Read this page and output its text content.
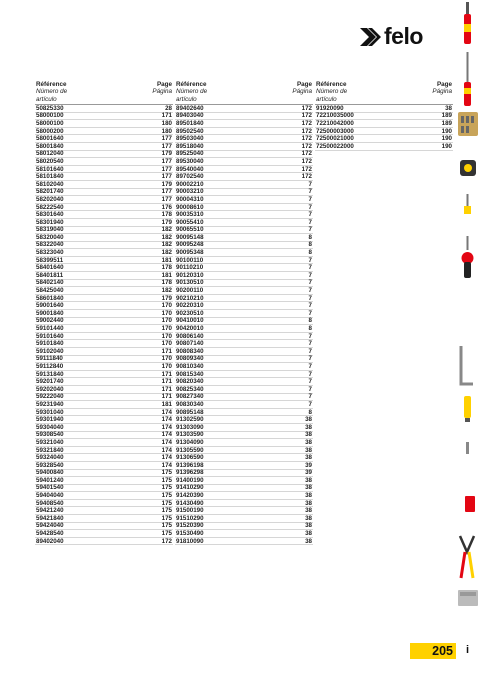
felo
Référence
Número de artículo
Page
Página
50825330	28
58000100	171
58000100	180
58000200	180
58001640	177
58001840	177
58012040	179
58020540	177
58101640	177
58101840	177
58102040	179
58201740	177
58202040	177
58222540	176
58301640	178
58301940	179
58319040	182
58320040	182
58322040	182
58323040	182
58399511	181
58401640	178
58401811	181
58402140	178
58425040	182
58601840	179
59001640	170
59001840	170
59002440	170
59101440	170
59101640	170
59101840	170
59102040	171
59111840	170
59112840	170
59131840	171
59201740	171
59202040	171
59222040	171
59231940	181
59301040	174
59301940	174
59304040	174
59308540	174
59321040	174
59321840	174
59324040	174
59328540	174
59400840	175
59401240	175
59401540	175
59404040	175
59408540	175
59421240	175
59421840	175
59424040	175
59428540	175
89402040	172
Référence
Número de artículo
Page
Página
89402640	172
89403040	172
89501840	172
89502540	172
89503040	172
89518040	172
89525040	172
89530040	172
89540040	172
89702540	172
90002210	7
90003210	7
90004310	7
90008610	7
90035310	7
90055410	7
90065510	7
90095148	8
90095248	8
90095348	8
90100110	7
90110210	7
90120310	7
90130510	7
90200110	7
90210210	7
90220310	7
90230510	7
90410010	8
90420010	8
90806140	7
90807140	7
90808340	7
90809340	7
90810340	7
90815340	7
90820340	7
90825340	7
90827340	7
90830340	7
90895148	8
91302590	38
91303090	38
91303590	38
91304090	38
91305590	38
91306590	38
91396198	39
91396298	39
91400190	38
91410290	38
91420390	38
91430490	38
91500190	38
91510290	38
91520390	38
91530490	38
91810090	38
Référence
Número de artículo
Page
Página
91920090	38
72210035000	189
72210042000	189
72500003000	190
72500021000	190
72500022000	190
205 i
